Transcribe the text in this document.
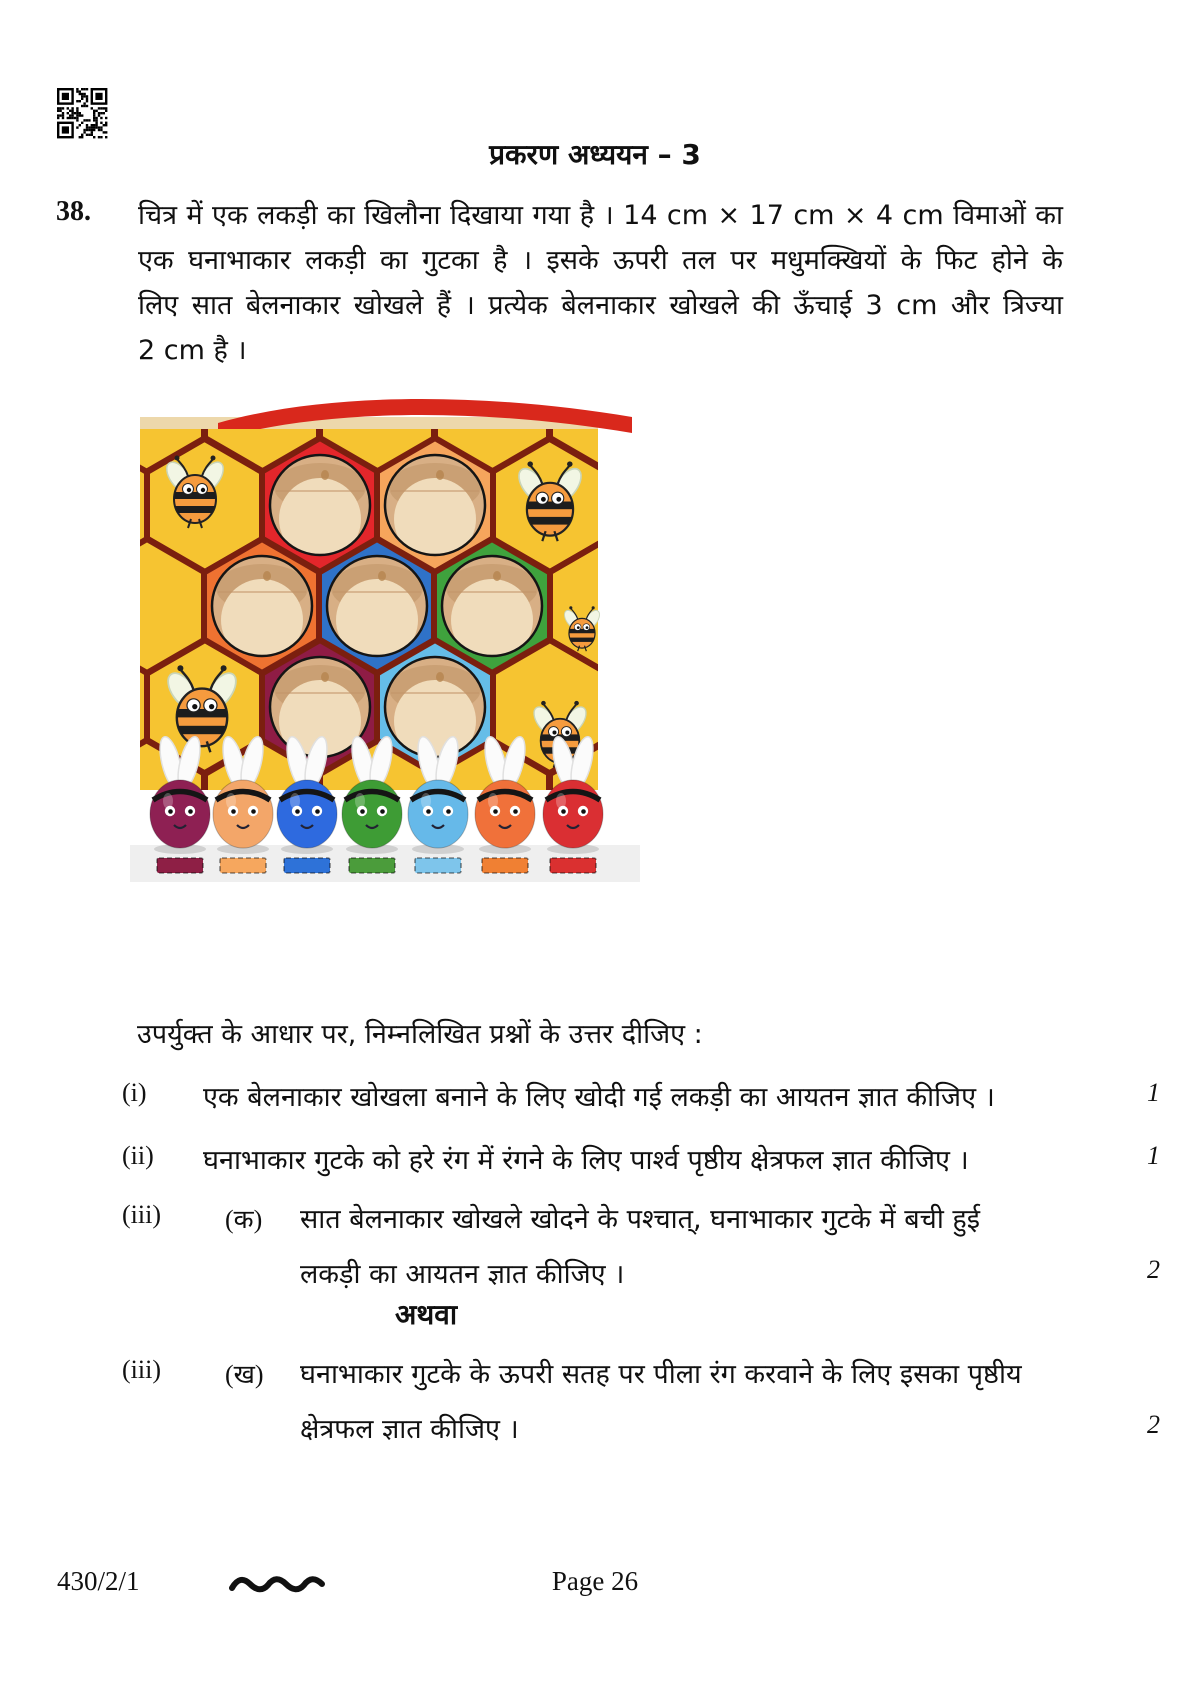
प्रकरण अध्ययन – 3
38. चित्र में एक लकड़ी का खिलौना दिखाया गया है । 14 cm × 17 cm × 4 cm विमाओं का
एक घनाभाकार लकड़ी का गुटका है । इसके ऊपरी तल पर मधुमक्खियों के फिट होने के
लिए सात बेलनाकार खोखले हैं । प्रत्येक बेलनाकार खोखले की ऊँचाई 3 cm और त्रिज्या
2 cm है ।
उपर्युक्त के आधार पर, निम्नलिखित प्रश्नों के उत्तर दीजिए :
(i) एक बेलनाकार खोखला बनाने के लिए खोदी गई लकड़ी का आयतन ज्ञात कीजिए ।	1
(ii) घनाभाकार गुटके को हरे रंग में रंगने के लिए पार्श्व पृष्ठीय क्षेत्रफल ज्ञात कीजिए ।	1
(iii) (क) सात बेलनाकार खोखले खोदने के पश्चात्, घनाभाकार गुटके में बची हुई
लकड़ी का आयतन ज्ञात कीजिए ।	2
अथवा
(iii) (ख) घनाभाकार गुटके के ऊपरी सतह पर पीला रंग करवाने के लिए इसका पृष्ठीय
क्षेत्रफल ज्ञात कीजिए ।	2
430/2/1	Page 26
